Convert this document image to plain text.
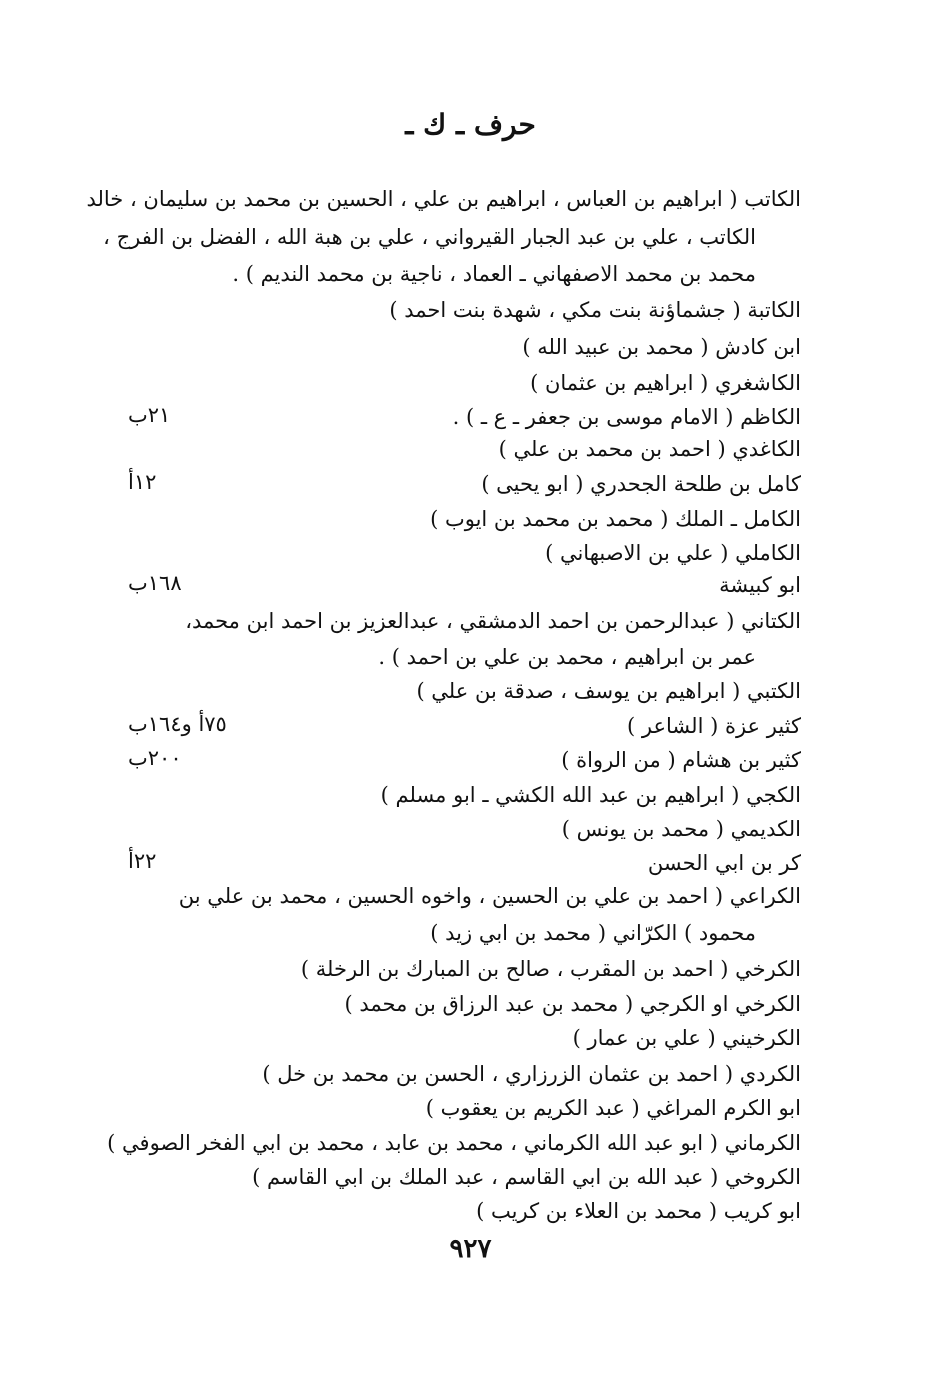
حرف ـ ك ـ
الكاتب ( ابراهيم بن العباس ، ابراهيم بن علي ، الحسين بن محمد بن سليمان ، خالد
الكاتب ، علي بن عبد الجبار القيرواني ، علي بن هبة الله ، الفضل بن الفرج ،
محمد بن محمد الاصفهاني ـ العماد ، ناجية بن محمد النديم ) .
الكاتبة ( جشماؤنة بنت مكي ، شهدة بنت احمد )
ابن كادش ( محمد بن عبيد الله )
الكاشغري ( ابراهيم بن عثمان )
الكاظم ( الامام موسى بن جعفر ـ ع ـ ) .
الكاغدي ( احمد بن محمد بن علي )
كامل بن طلحة الجحدري ( ابو يحيى )
الكامل ـ الملك ( محمد بن محمد بن ايوب )
الكاملي ( علي بن الاصبهاني )
ابو كبيشة
الكتاني ( عبدالرحمن بن احمد الدمشقي ، عبدالعزيز بن احمد ابن محمد،
عمر بن ابراهيم ، محمد بن علي بن احمد ) .
الكتبي ( ابراهيم بن يوسف ، صدقة بن علي )
كثير عزة ( الشاعر )
كثير بن هشام ( من الرواة )
الكجي ( ابراهيم بن عبد الله الكشي ـ ابو مسلم )
الكديمي ( محمد بن يونس )
كر بن ابي الحسن
الكراعي ( احمد بن علي بن الحسين ، واخوه الحسين ، محمد بن علي بن
محمود ) الكرّاني ( محمد بن ابي زيد )
الكرخي ( احمد بن المقرب ، صالح بن المبارك بن الرخلة )
الكرخي او الكرجي ( محمد بن عبد الرزاق بن محمد )
الكرخيني ( علي بن عمار )
الكردي ( احمد بن عثمان الزرزاري ، الحسن بن محمد بن خل )
ابو الكرم المراغي ( عبد الكريم بن يعقوب )
الكرماني ( ابو عبد الله الكرماني ، محمد بن عابد ، محمد بن ابي الفخر الصوفي )
الكروخي ( عبد الله بن ابي القاسم ، عبد الملك بن ابي القاسم )
ابو كريب ( محمد بن العلاء بن كريب )
٢١ب
١٢أ
١٦٨ب
٧٥أ و١٦٤ب
٢٠٠ب
٢٢أ
٩٢٧
